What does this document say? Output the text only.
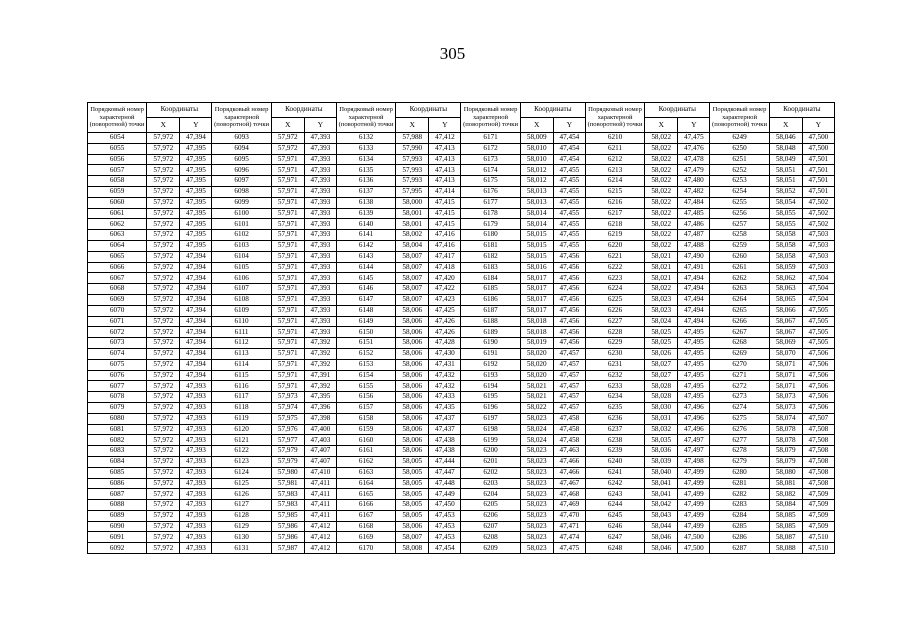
305
Порядковый номер характерной (поворотной) точки	Координаты		Порядковый номер характерной (поворотной) точки	Координаты		Порядковый номер характерной (поворотной) точки	Координаты		Порядковый номер характерной (поворотной) точки	Координаты		Порядковый номер характерной (поворотной) точки	Координаты		Порядковый номер характерной (поворотной) точки	Координаты	
	X	Y		X	Y		X	Y		X	Y		X	Y		X	Y
6054	57,972	47,394	6093	57,972	47,393	6132	57,988	47,412	6171	58,009	47,454	6210	58,022	47,475	6249	58,046	47,500
6055	57,972	47,395	6094	57,972	47,393	6133	57,990	47,413	6172	58,010	47,454	6211	58,022	47,476	6250	58,048	47,500
6056	57,972	47,395	6095	57,971	47,393	6134	57,993	47,413	6173	58,010	47,454	6212	58,022	47,478	6251	58,049	47,501
6057	57,972	47,395	6096	57,971	47,393	6135	57,993	47,413	6174	58,012	47,455	6213	58,022	47,479	6252	58,051	47,501
6058	57,972	47,395	6097	57,971	47,393	6136	57,993	47,413	6175	58,012	47,455	6214	58,022	47,480	6253	58,051	47,501
6059	57,972	47,395	6098	57,971	47,393	6137	57,995	47,414	6176	58,013	47,455	6215	58,022	47,482	6254	58,052	47,501
6060	57,972	47,395	6099	57,971	47,393	6138	58,000	47,415	6177	58,013	47,455	6216	58,022	47,484	6255	58,054	47,502
6061	57,972	47,395	6100	57,971	47,393	6139	58,001	47,415	6178	58,014	47,455	6217	58,022	47,485	6256	58,055	47,502
6062	57,972	47,395	6101	57,971	47,393	6140	58,001	47,415	6179	58,014	47,455	6218	58,022	47,486	6257	58,055	47,502
6063	57,972	47,395	6102	57,971	47,393	6141	58,002	47,416	6180	58,015	47,455	6219	58,022	47,487	6258	58,058	47,503
6064	57,972	47,395	6103	57,971	47,393	6142	58,004	47,416	6181	58,015	47,455	6220	58,022	47,488	6259	58,058	47,503
6065	57,972	47,394	6104	57,971	47,393	6143	58,007	47,417	6182	58,015	47,456	6221	58,021	47,490	6260	58,058	47,503
6066	57,972	47,394	6105	57,971	47,393	6144	58,007	47,418	6183	58,016	47,456	6222	58,021	47,491	6261	58,059	47,503
6067	57,972	47,394	6106	57,971	47,393	6145	58,007	47,420	6184	58,017	47,456	6223	58,021	47,494	6262	58,062	47,504
6068	57,972	47,394	6107	57,971	47,393	6146	58,007	47,422	6185	58,017	47,456	6224	58,022	47,494	6263	58,063	47,504
6069	57,972	47,394	6108	57,971	47,393	6147	58,007	47,423	6186	58,017	47,456	6225	58,023	47,494	6264	58,065	47,504
6070	57,972	47,394	6109	57,971	47,393	6148	58,006	47,425	6187	58,017	47,456	6226	58,023	47,494	6265	58,066	47,505
6071	57,972	47,394	6110	57,971	47,393	6149	58,006	47,426	6188	58,018	47,456	6227	58,024	47,494	6266	58,067	47,505
6072	57,972	47,394	6111	57,971	47,393	6150	58,006	47,426	6189	58,018	47,456	6228	58,025	47,495	6267	58,067	47,505
6073	57,972	47,394	6112	57,971	47,392	6151	58,006	47,428	6190	58,019	47,456	6229	58,025	47,495	6268	58,069	47,505
6074	57,972	47,394	6113	57,971	47,392	6152	58,006	47,430	6191	58,020	47,457	6230	58,026	47,495	6269	58,070	47,506
6075	57,972	47,394	6114	57,971	47,392	6153	58,006	47,431	6192	58,020	47,457	6231	58,027	47,495	6270	58,071	47,506
6076	57,972	47,394	6115	57,971	47,391	6154	58,006	47,432	6193	58,020	47,457	6232	58,027	47,495	6271	58,071	47,506
6077	57,972	47,393	6116	57,971	47,392	6155	58,006	47,432	6194	58,021	47,457	6233	58,028	47,495	6272	58,071	47,506
6078	57,972	47,393	6117	57,973	47,395	6156	58,006	47,433	6195	58,021	47,457	6234	58,028	47,495	6273	58,073	47,506
6079	57,972	47,393	6118	57,974	47,396	6157	58,006	47,435	6196	58,022	47,457	6235	58,030	47,496	6274	58,073	47,506
6080	57,972	47,393	6119	57,975	47,398	6158	58,006	47,437	6197	58,023	47,458	6236	58,031	47,496	6275	58,074	47,507
6081	57,972	47,393	6120	57,976	47,400	6159	58,006	47,437	6198	58,024	47,458	6237	58,032	47,496	6276	58,078	47,508
6082	57,972	47,393	6121	57,977	47,403	6160	58,006	47,438	6199	58,024	47,458	6238	58,035	47,497	6277	58,078	47,508
6083	57,972	47,393	6122	57,979	47,407	6161	58,006	47,438	6200	58,023	47,463	6239	58,036	47,497	6278	58,079	47,508
6084	57,972	47,393	6123	57,979	47,407	6162	58,005	47,444	6201	58,023	47,466	6240	58,039	47,498	6279	58,079	47,508
6085	57,972	47,393	6124	57,980	47,410	6163	58,005	47,447	6202	58,023	47,466	6241	58,040	47,499	6280	58,080	47,508
6086	57,972	47,393	6125	57,981	47,411	6164	58,005	47,448	6203	58,023	47,467	6242	58,041	47,499	6281	58,081	47,508
6087	57,972	47,393	6126	57,983	47,411	6165	58,005	47,449	6204	58,023	47,468	6243	58,041	47,499	6282	58,082	47,509
6088	57,972	47,393	6127	57,983	47,411	6166	58,005	47,450	6205	58,023	47,469	6244	58,042	47,499	6283	58,084	47,509
6089	57,972	47,393	6128	57,985	47,411	6167	58,005	47,453	6206	58,023	47,470	6245	58,043	47,499	6284	58,085	47,509
6090	57,972	47,393	6129	57,986	47,412	6168	58,006	47,453	6207	58,023	47,471	6246	58,044	47,499	6285	58,085	47,509
6091	57,972	47,393	6130	57,986	47,412	6169	58,007	47,453	6208	58,023	47,474	6247	58,046	47,500	6286	58,087	47,510
6092	57,972	47,393	6131	57,987	47,412	6170	58,008	47,454	6209	58,023	47,475	6248	58,046	47,500	6287	58,088	47,510
